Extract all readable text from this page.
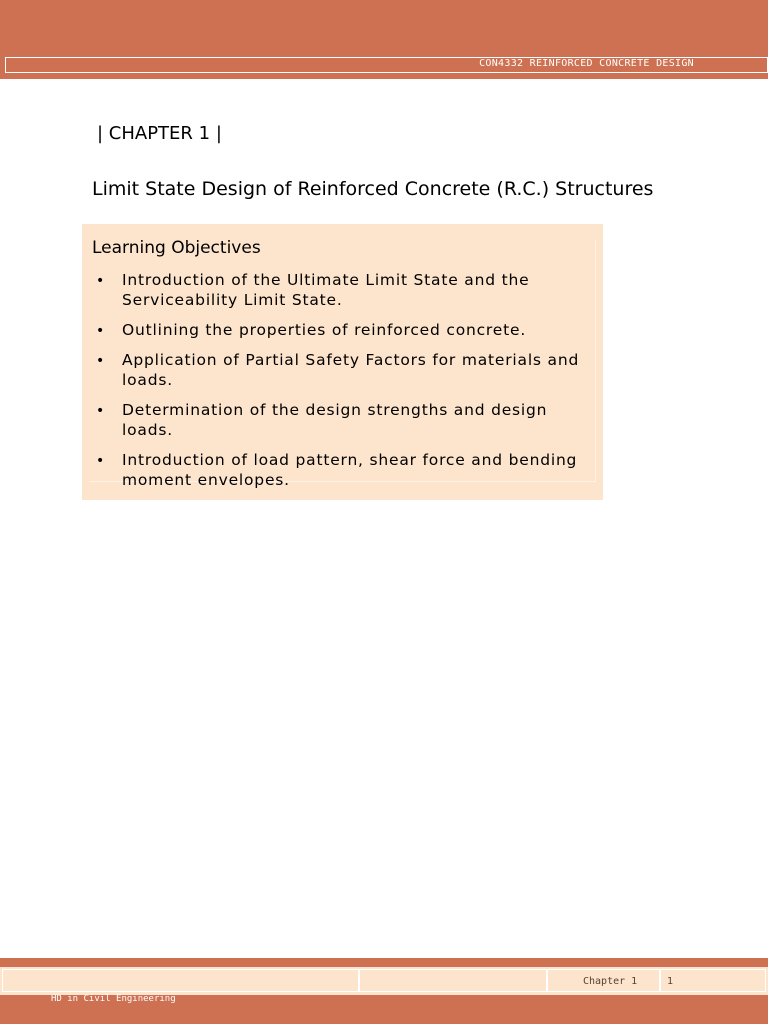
CON4332 REINFORCED CONCRETE DESIGN
| CHAPTER 1 |
Limit State Design of Reinforced Concrete (R.C.) Structures
Learning Objectives
• Introduction of the Ultimate Limit State and the Serviceability Limit State.
• Outlining the properties of reinforced concrete.
• Application of Partial Safety Factors for materials and loads.
• Determination of the design strengths and design loads.
• Introduction of load pattern, shear force and bending moment envelopes.
Chapter 1	1
HD in Civil Engineering
